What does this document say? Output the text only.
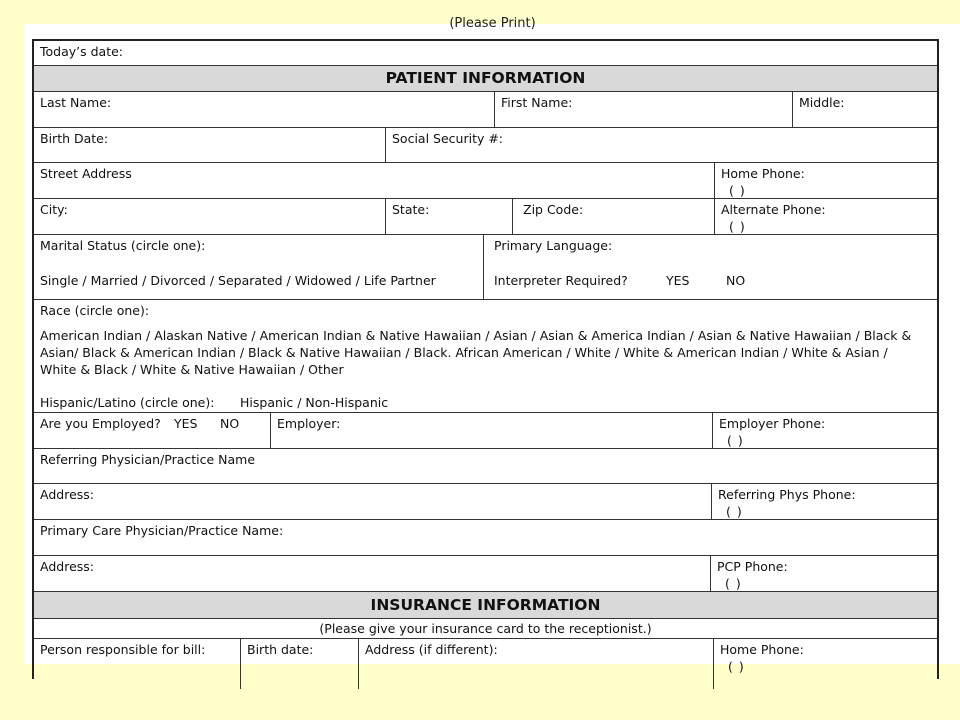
(Please Print)
Today’s date:
PATIENT INFORMATION
Last Name:	First Name:	Middle:
Birth Date:	Social Security #:
Street Address	Home Phone:
( )
City:	State:	Zip Code:	Alternate Phone:
( )
Marital Status (circle one):
Single / Married / Divorced / Separated / Widowed / Life Partner
Primary Language:
Interpreter Required?	YES	NO
Race (circle one):
American Indian / Alaskan Native / American Indian & Native Hawaiian / Asian / Asian & America Indian / Asian & Native Hawaiian / Black & Asian/ Black & American Indian / Black & Native Hawaiian / Black. African American / White / White & American Indian / White & Asian / White & Black / White & Native Hawaiian / Other
Hispanic/Latino (circle one): Hispanic / Non-Hispanic
Are you Employed? YES NO	Employer:	Employer Phone:
( )
Referring Physician/Practice Name
Address:	Referring Phys Phone:
( )
Primary Care Physician/Practice Name:
Address:	PCP Phone:
( )
INSURANCE INFORMATION
(Please give your insurance card to the receptionist.)
Person responsible for bill:	Birth date:	Address (if different):	Home Phone:
( )
